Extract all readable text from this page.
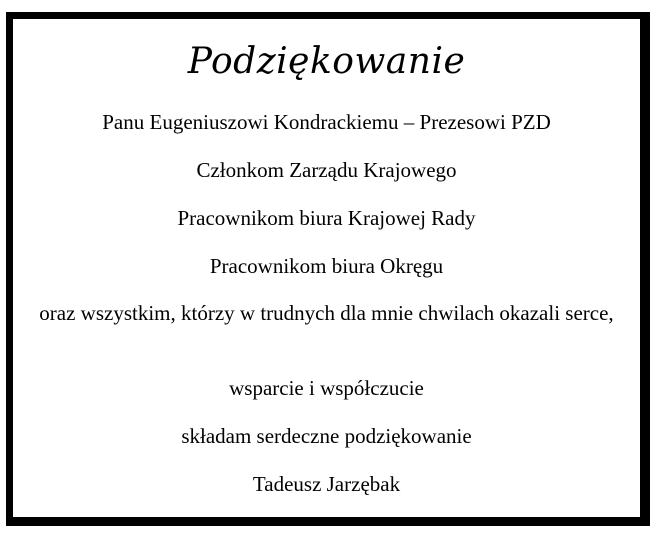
Podziękowanie

Panu Eugeniuszowi Kondrackiemu – Prezesowi PZD

Członkom Zarządu Krajowego

Pracownikom biura Krajowej Rady

Pracownikom biura Okręgu

oraz wszystkim, którzy w trudnych dla mnie chwilach okazali serce,

wsparcie i współczucie

składam serdeczne podziękowanie

Tadeusz Jarzębak
